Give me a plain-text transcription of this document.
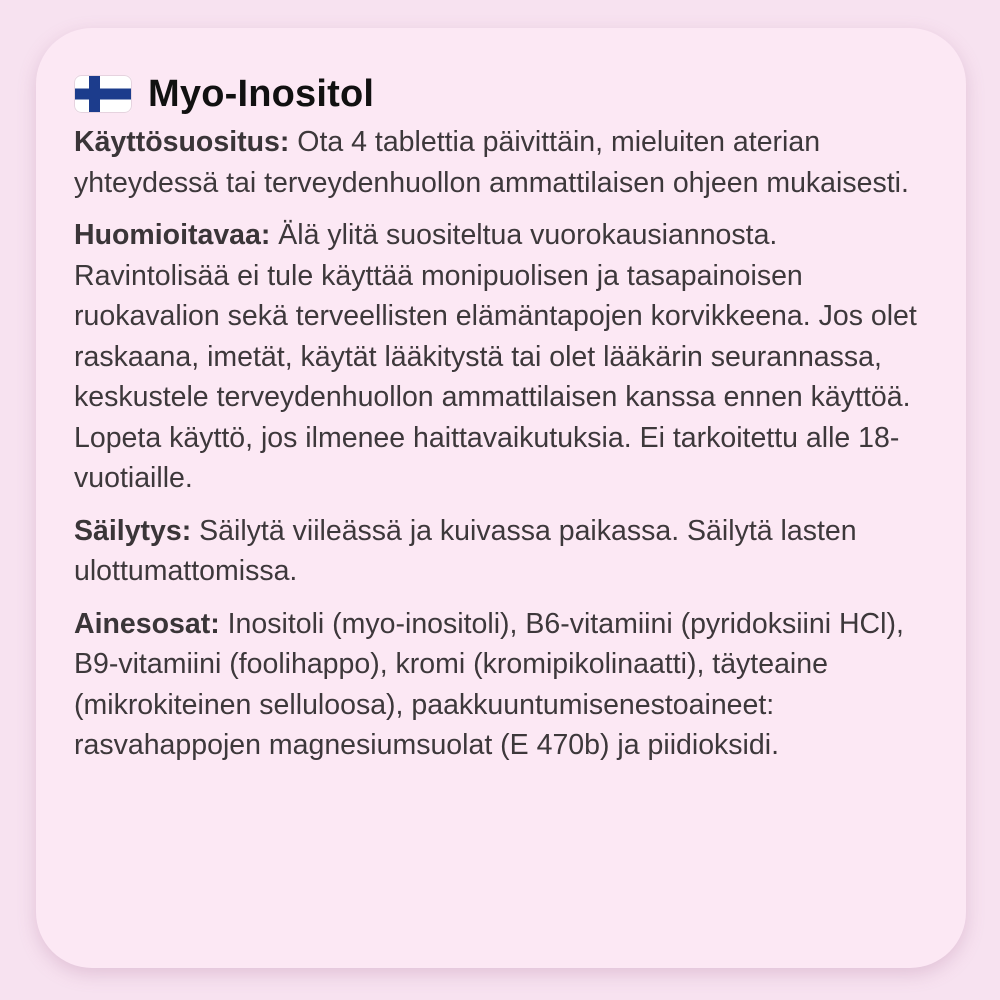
Myo-Inositol

Käyttösuositus: Ota 4 tablettia päivittäin, mieluiten aterian yhteydessä tai terveydenhuollon ammattilaisen ohjeen mukaisesti.

Huomioitavaa: Älä ylitä suositeltua vuorokausiannosta. Ravintolisää ei tule käyttää monipuolisen ja tasapainoisen ruokavalion sekä terveellisten elämäntapojen korvikkeena. Jos olet raskaana, imetät, käytät lääkitystä tai olet lääkärin seurannassa, keskustele terveydenhuollon ammattilaisen kanssa ennen käyttöä. Lopeta käyttö, jos ilmenee haittavaikutuksia. Ei tarkoitettu alle 18-vuotiaille.

Säilytys: Säilytä viileässä ja kuivassa paikassa. Säilytä lasten ulottumattomissa.

Ainesosat: Inositoli (myo-inositoli), B6-vitamiini (pyridoksiini HCl), B9-vitamiini (foolihappo), kromi (kromipikolinaatti), täyteaine (mikrokiteinen selluloosa), paakkuuntumisenestoaineet: rasvahappojen magnesiumsuolat (E 470b) ja piidioksidi.
